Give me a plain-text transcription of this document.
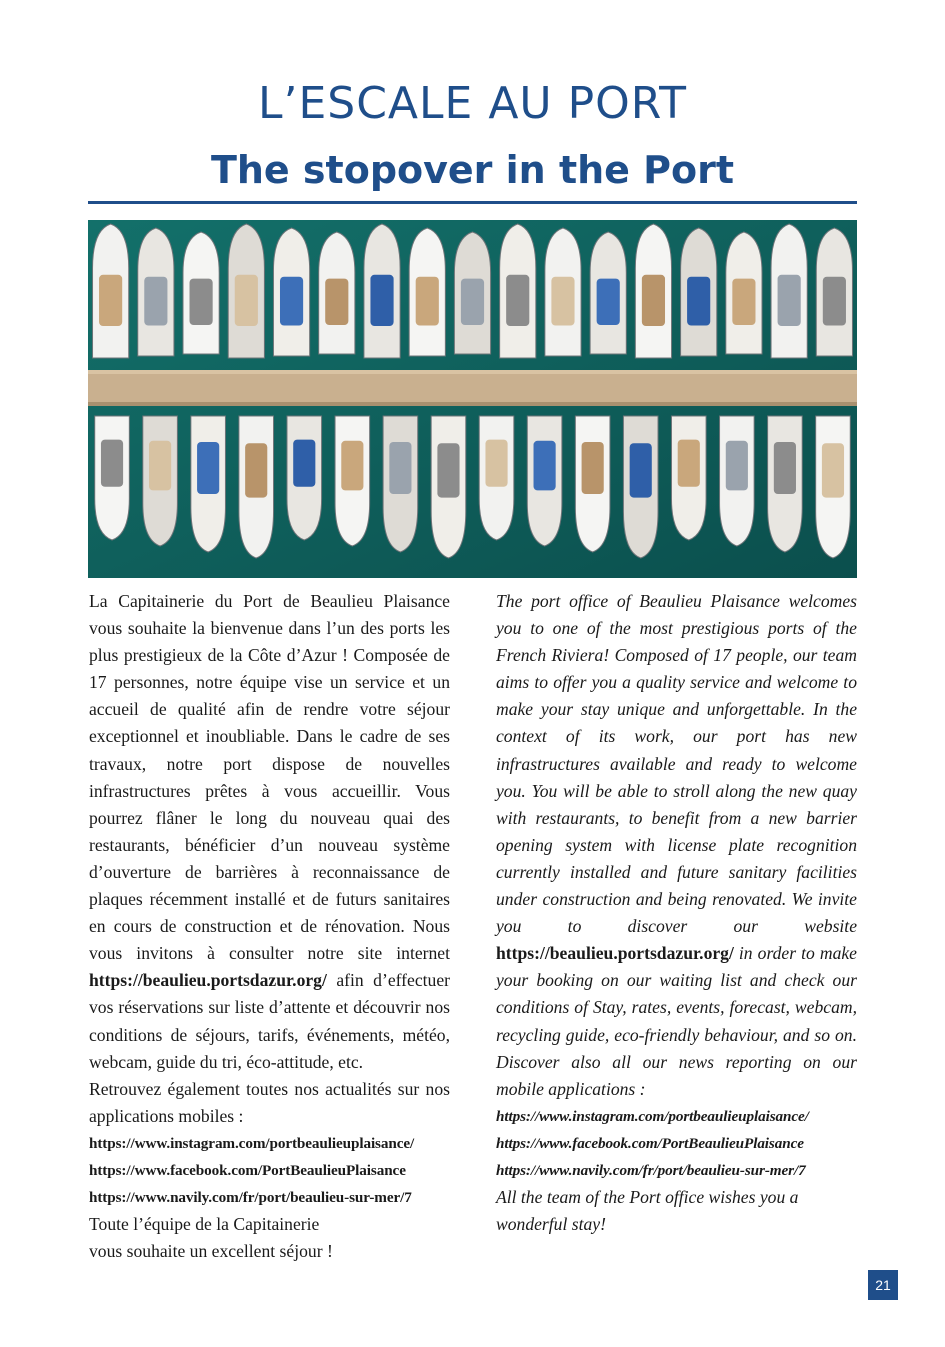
L’ESCALE AU PORT
The stopover in the Port

La Capitainerie du Port de Beaulieu Plaisance vous souhaite la bienvenue dans l’un des ports les plus prestigieux de la Côte d’Azur ! Composée de 17 personnes, notre équipe vise un service et un accueil de qualité afin de rendre votre séjour exceptionnel et inoubliable. Dans le cadre de ses travaux, notre port dispose de nouvelles infrastructures prêtes à vous accueillir. Vous pourrez flâner le long du nouveau quai des restaurants, bénéficier d’un nouveau système d’ouverture de barrières à reconnaissance de plaques récemment installé et de futurs sanitaires en cours de construction et de rénovation. Nous vous invitons à consulter notre site internet https://beaulieu.portsdazur.org/ afin d’effectuer vos réservations sur liste d’attente et découvrir nos conditions de séjours, tarifs, événements, météo, webcam, guide du tri, éco-attitude, etc.

Retrouvez également toutes nos actualités sur nos applications mobiles :

https://www.instagram.com/portbeaulieuplaisance/
https://www.facebook.com/PortBeaulieuPlaisance
https://www.navily.com/fr/port/beaulieu-sur-mer/7

Toute l’équipe de la Capitainerie

vous souhaite un excellent séjour !

The port office of Beaulieu Plaisance welcomes you to one of the most prestigious ports of the French Riviera! Composed of 17 people, our team aims to offer you a quality service and welcome to make your stay unique and unforgettable. In the context of its work, our port has new infrastructures available and ready to welcome you. You will be able to stroll along the new quay with restaurants, to benefit from a new barrier opening system with license plate recognition currently installed and future sanitary facilities under construction and being renovated. We invite you to discover our website https://beaulieu.portsdazur.org/ in order to make your booking on our waiting list and check our conditions of Stay, rates, events, forecast, webcam, recycling guide, eco-friendly behaviour, and so on. Discover also all our news reporting on our mobile applications :

https://www.instagram.com/portbeaulieuplaisance/
https://www.facebook.com/PortBeaulieuPlaisance
https://www.navily.com/fr/port/beaulieu-sur-mer/7

All the team of the Port office wishes you a wonderful stay!

21
